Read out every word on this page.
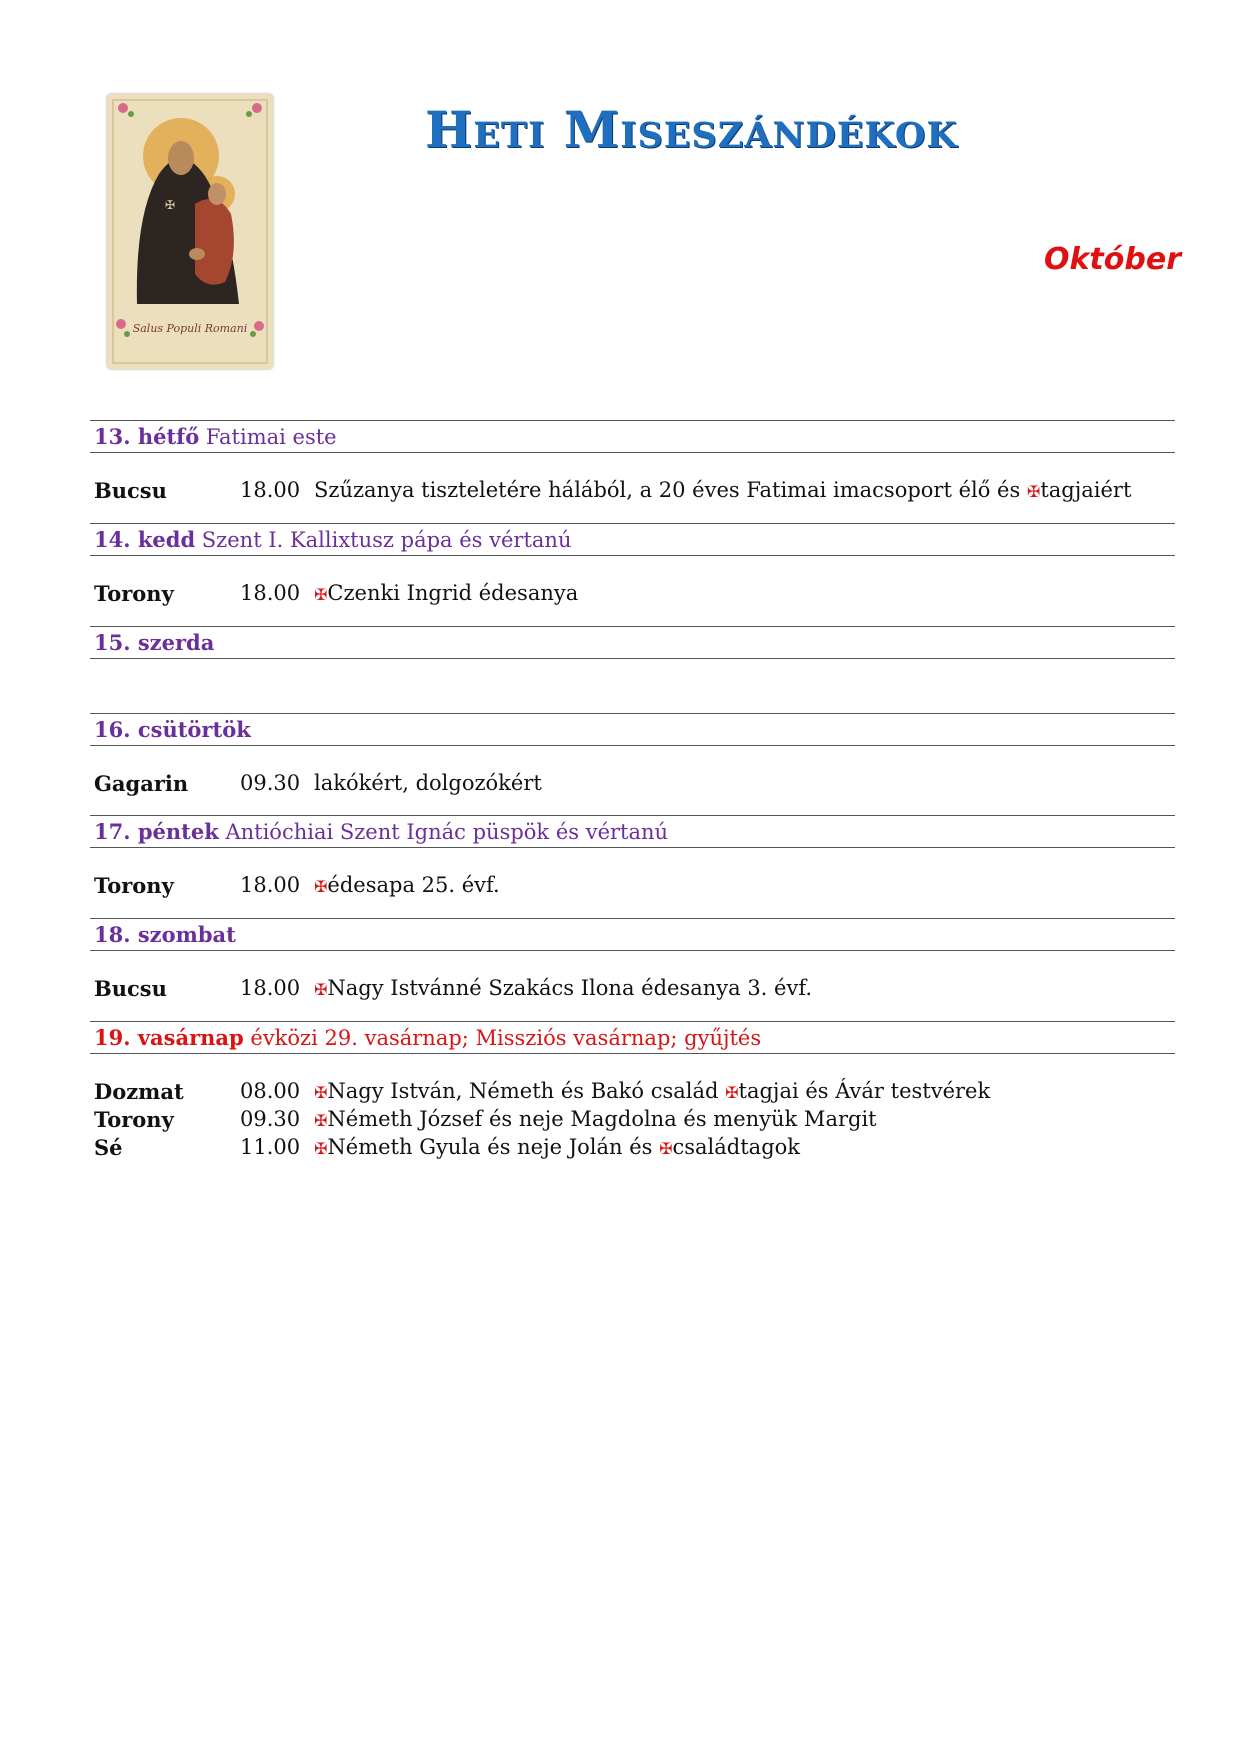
✠
Salus Populi Romani
Heti Miseszándékok
Október
13. hétfő Fatimai este
Bucsu	18.00 Szűzanya tiszteletére hálából, a 20 éves Fatimai imacsoport élő és ✠tagjaiért
14. kedd Szent I. Kallixtusz pápa és vértanú
Torony	18.00 ✠Czenki Ingrid édesanya
15. szerda
16. csütörtök
Gagarin	09.30 lakókért, dolgozókért
17. péntek Antióchiai Szent Ignác püspök és vértanú
Torony	18.00 ✠édesapa 25. évf.
18. szombat
Bucsu	18.00 ✠Nagy Istvánné Szakács Ilona édesanya 3. évf.
19. vasárnap évközi 29. vasárnap; Missziós vasárnap; gyűjtés
Dozmat	08.00 ✠Nagy István, Németh és Bakó család ✠tagjai és Ávár testvérek
Torony	09.30 ✠Németh József és neje Magdolna és menyük Margit
Sé	11.00 ✠Németh Gyula és neje Jolán és ✠családtagok
